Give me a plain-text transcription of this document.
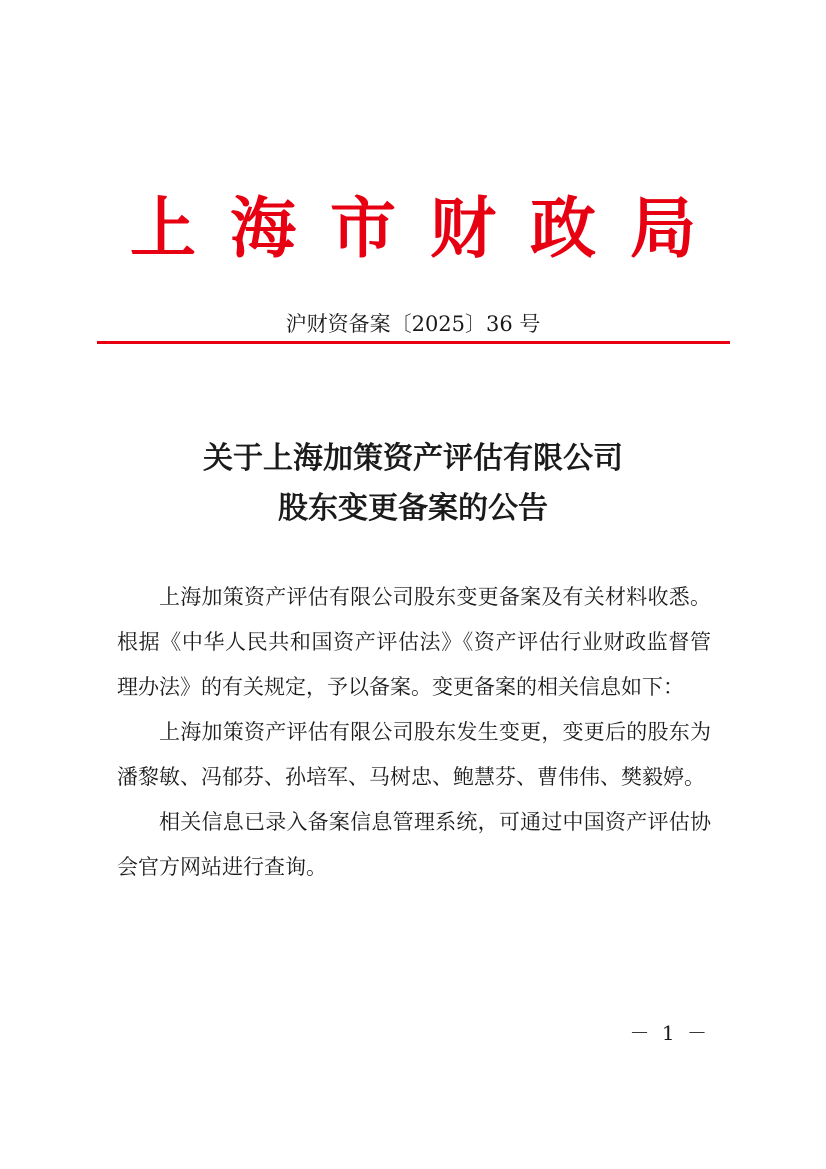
上海市财政局
沪财资备案〔2025〕36 号
关于上海加策资产评估有限公司
股东变更备案的公告

上海加策资产评估有限公司股东变更备案及有关材料收悉。根据《中华人民共和国资产评估法》《资产评估行业财政监督管理办法》的有关规定，予以备案。变更备案的相关信息如下：

上海加策资产评估有限公司股东发生变更，变更后的股东为潘黎敏、冯郁芬、孙培军、马树忠、鲍慧芬、曹伟伟、樊毅婷。

相关信息已录入备案信息管理系统，可通过中国资产评估协会官方网站进行查询。

－ 1 －
